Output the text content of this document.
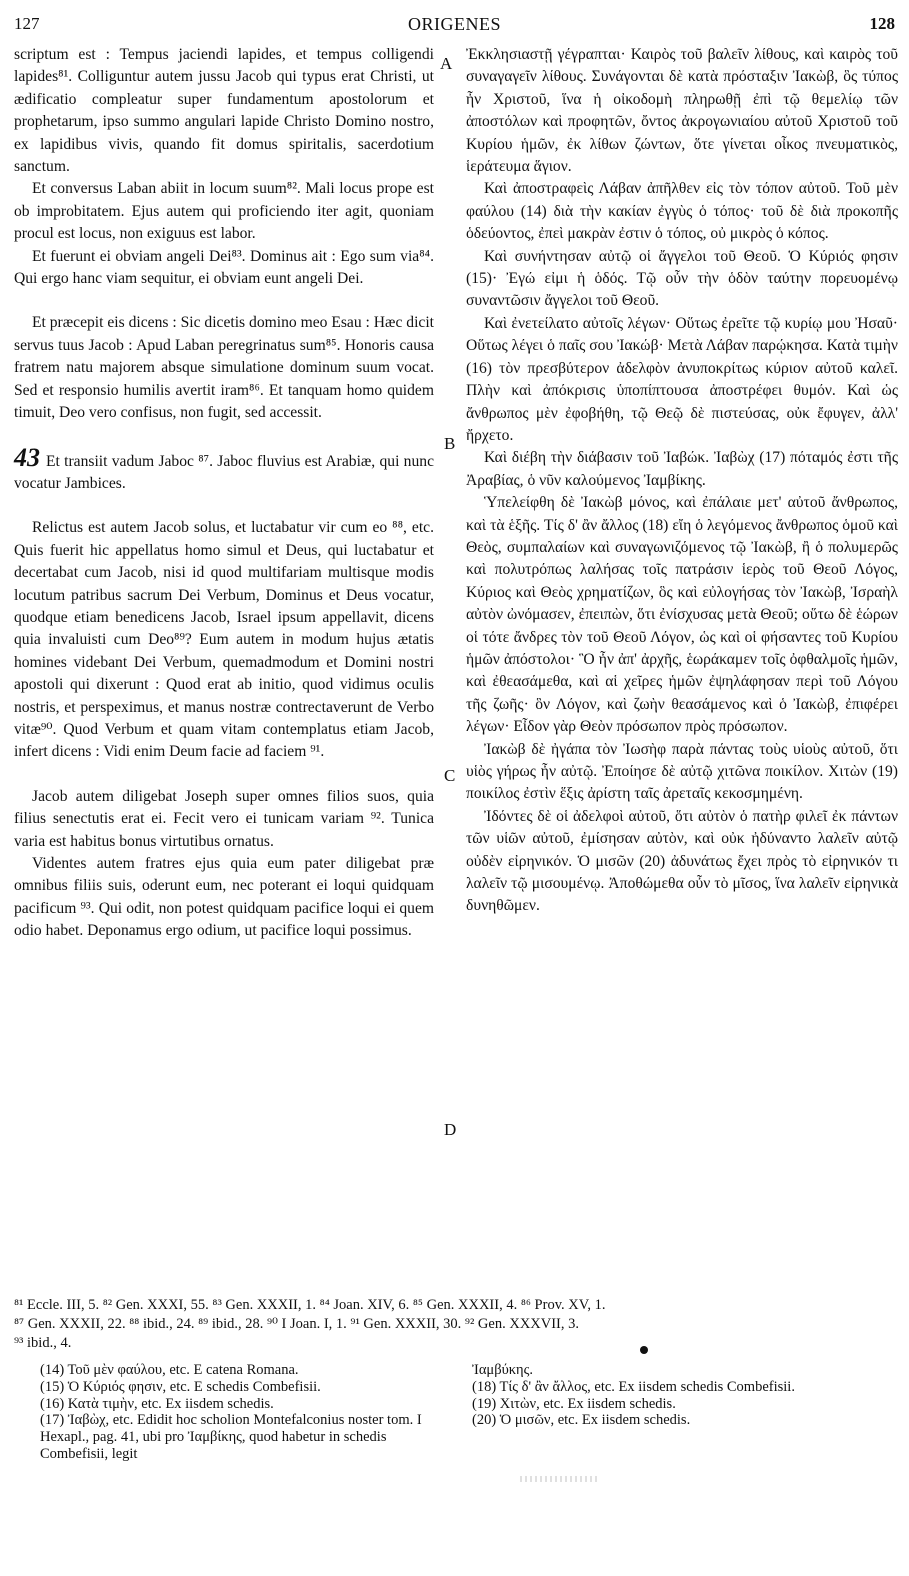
127	ORIGENES	128

scriptum est : Tempus jaciendi lapides, et tempus colligendi lapides⁸¹. Colliguntur autem jussu Jacob qui typus erat Christi, ut ædificatio compleatur super fundamentum apostolorum et prophetarum, ipso summo angulari lapide Christo Domino nostro, ex lapidibus vivis, quando fit domus spiritalis, sacerdotium sanctum.

Et conversus Laban abiit in locum suum⁸². Mali locus prope est ob improbitatem. Ejus autem qui proficiendo iter agit, quoniam procul est locus, non exiguus est labor.

Et fuerunt ei obviam angeli Dei⁸³. Dominus ait : Ego sum via⁸⁴. Qui ergo hanc viam sequitur, ei obviam eunt angeli Dei.

Et præcepit eis dicens : Sic dicetis domino meo Esau : Hæc dicit servus tuus Jacob : Apud Laban peregrinatus sum⁸⁵. Honoris causa fratrem natu majorem absque simulatione dominum suum vocat. Sed et responsio humilis avertit iram⁸⁶. Et tanquam homo quidem timuit, Deo vero confisus, non fugit, sed accessit.

43 Et transiit vadum Jaboc ⁸⁷. Jaboc fluvius est Arabiæ, qui nunc vocatur Jambices.

Relictus est autem Jacob solus, et luctabatur vir cum eo ⁸⁸, etc. Quis fuerit hic appellatus homo simul et Deus, qui luctabatur et decertabat cum Jacob, nisi id quod multifariam multisque modis locutum patribus sacrum Dei Verbum, Dominus et Deus vocatur, quodque etiam benedicens Jacob, Israel ipsum appellavit, dicens quia invaluisti cum Deo⁸⁹? Eum autem in modum hujus ætatis homines videbant Dei Verbum, quemadmodum et Domini nostri apostoli qui dixerunt : Quod erat ab initio, quod vidimus oculis nostris, et perspeximus, et manus nostræ contrectaverunt de Verbo vitæ⁹⁰. Quod Verbum et quam vitam contemplatus etiam Jacob, infert dicens : Vidi enim Deum facie ad faciem ⁹¹.

Jacob autem diligebat Joseph super omnes filios suos, quia filius senectutis erat ei. Fecit vero ei tunicam variam ⁹². Tunica varia est habitus bonus virtutibus ornatus.

Videntes autem fratres ejus quia eum pater diligebat præ omnibus filiis suis, oderunt eum, nec poterant ei loqui quidquam pacificum ⁹³. Qui odit, non potest quidquam pacifice loqui ei quem odio habet. Deponamus ergo odium, ut pacifice loqui possimus.

A
B
C
D

Ἐκκλησιαστῇ γέγραπται· Καιρὸς τοῦ βαλεῖν λίθους, καὶ καιρὸς τοῦ συναγαγεῖν λίθους. Συνάγονται δὲ κατὰ πρόσταξιν Ἰακὼβ, ὃς τύπος ἦν Χριστοῦ, ἵνα ἡ οἰκοδομὴ πληρωθῇ ἐπὶ τῷ θεμελίῳ τῶν ἀποστόλων καὶ προφητῶν, ὄντος ἀκρογωνιαίου αὐτοῦ Χριστοῦ τοῦ Κυρίου ἡμῶν, ἐκ λίθων ζώντων, ὅτε γίνεται οἶκος πνευματικὸς, ἱεράτευμα ἅγιον.

Καὶ ἀποστραφεὶς Λάβαν ἀπῆλθεν εἰς τὸν τόπον αὐτοῦ. Τοῦ μὲν φαύλου (14) διὰ τὴν κακίαν ἐγγὺς ὁ τόπος· τοῦ δὲ διὰ προκοπῆς ὁδεύοντος, ἐπεὶ μακρὰν ἐστιν ὁ τόπος, οὐ μικρὸς ὁ κόπος.

Καὶ συνήντησαν αὐτῷ οἱ ἄγγελοι τοῦ Θεοῦ. Ὁ Κύριός φησιν (15)· Ἐγώ εἰμι ἡ ὁδός. Τῷ οὖν τὴν ὁδὸν ταύτην πορευομένῳ συναντῶσιν ἄγγελοι τοῦ Θεοῦ.

Καὶ ἐνετείλατο αὐτοῖς λέγων· Οὕτως ἐρεῖτε τῷ κυρίῳ μου Ἠσαῦ· Οὕτως λέγει ὁ παῖς σου Ἰακώβ· Μετὰ Λάβαν παρῴκησα. Κατὰ τιμὴν (16) τὸν πρεσβύτερον ἀδελφὸν ἀνυποκρίτως κύριον αὐτοῦ καλεῖ. Πλὴν καὶ ἀπόκρισις ὑποπίπτουσα ἀποστρέφει θυμόν. Καὶ ὡς ἄνθρωπος μὲν ἐφοβήθη, τῷ Θεῷ δὲ πιστεύσας, οὐκ ἔφυγεν, ἀλλ' ἤρχετο.

Καὶ διέβη τὴν διάβασιν τοῦ Ἰαβώκ. Ἰαβὼχ (17) πόταμός ἐστι τῆς Ἀραβίας, ὁ νῦν καλούμενος Ἰαμβίκης.

Ὑπελείφθη δὲ Ἰακὼβ μόνος, καὶ ἐπάλαιε μετ' αὐτοῦ ἄνθρωπος, καὶ τὰ ἑξῆς. Τίς δ' ἂν ἄλλος (18) εἴη ὁ λεγόμενος ἄνθρωπος ὁμοῦ καὶ Θεὸς, συμπαλαίων καὶ συναγωνιζόμενος τῷ Ἰακὼβ, ἢ ὁ πολυμερῶς καὶ πολυτρόπως λαλήσας τοῖς πατράσιν ἱερὸς τοῦ Θεοῦ Λόγος, Κύριος καὶ Θεὸς χρηματίζων, ὃς καὶ εὐλογήσας τὸν Ἰακὼβ, Ἰσραὴλ αὐτὸν ὠνόμασεν, ἐπειπὼν, ὅτι ἐνίσχυσας μετὰ Θεοῦ; οὕτω δὲ ἑώρων οἱ τότε ἄνδρες τὸν τοῦ Θεοῦ Λόγον, ὡς καὶ οἱ φήσαντες τοῦ Κυρίου ἡμῶν ἀπόστολοι· Ὃ ἦν ἀπ' ἀρχῆς, ἑωράκαμεν τοῖς ὀφθαλμοῖς ἡμῶν, καὶ ἐθεασάμεθα, καὶ αἱ χεῖρες ἡμῶν ἐψηλάφησαν περὶ τοῦ Λόγου τῆς ζωῆς· ὃν Λόγον, καὶ ζωὴν θεασάμενος καὶ ὁ Ἰακὼβ, ἐπιφέρει λέγων· Εἶδον γὰρ Θεὸν πρόσωπον πρὸς πρόσωπον.

Ἰακὼβ δὲ ἠγάπα τὸν Ἰωσὴφ παρὰ πάντας τοὺς υἱοὺς αὐτοῦ, ὅτι υἱὸς γήρως ἦν αὐτῷ. Ἐποίησε δὲ αὐτῷ χιτῶνα ποικίλον. Χιτὼν (19) ποικίλος ἐστὶν ἕξις ἀρίστη ταῖς ἀρεταῖς κεκοσμημένη.

Ἰδόντες δὲ οἱ ἀδελφοὶ αὐτοῦ, ὅτι αὐτὸν ὁ πατὴρ φιλεῖ ἐκ πάντων τῶν υἱῶν αὐτοῦ, ἐμίσησαν αὐτὸν, καὶ οὐκ ἠδύναντο λαλεῖν αὐτῷ οὐδὲν εἰρηνικόν. Ὁ μισῶν (20) ἀδυνάτως ἔχει πρὸς τὸ εἰρηνικόν τι λαλεῖν τῷ μισουμένῳ. Ἀποθώμεθα οὖν τὸ μῖσος, ἵνα λαλεῖν εἰρηνικὰ δυνηθῶμεν.

⁸¹ Eccle. III, 5. ⁸² Gen. XXXI, 55. ⁸³ Gen. XXXII, 1. ⁸⁴ Joan. XIV, 6. ⁸⁵ Gen. XXXII, 4. ⁸⁶ Prov. XV, 1.
⁸⁷ Gen. XXXII, 22. ⁸⁸ ibid., 24. ⁸⁹ ibid., 28. ⁹⁰ I Joan. I, 1. ⁹¹ Gen. XXXII, 30. ⁹² Gen. XXXVII, 3.
⁹³ ibid., 4.

(14) Τοῦ μὲν φαύλου, etc. E catena Romana.

(15) Ὁ Κύριός φησιν, etc. E schedis Combefisii.

(16) Κατὰ τιμὴν, etc. Ex iisdem schedis.

(17) Ἰαβὼχ, etc. Edidit hoc scholion Montefalconius noster tom. I Hexapl., pag. 41, ubi pro Ἰαμβίκης, quod habetur in schedis Combefisii, legit

Ἰαμβύκης.

(18) Τίς δ' ἂν ἄλλος, etc. Ex iisdem schedis Combefisii.

(19) Χιτὼν, etc. Ex iisdem schedis.

(20) Ὁ μισῶν, etc. Ex iisdem schedis.
